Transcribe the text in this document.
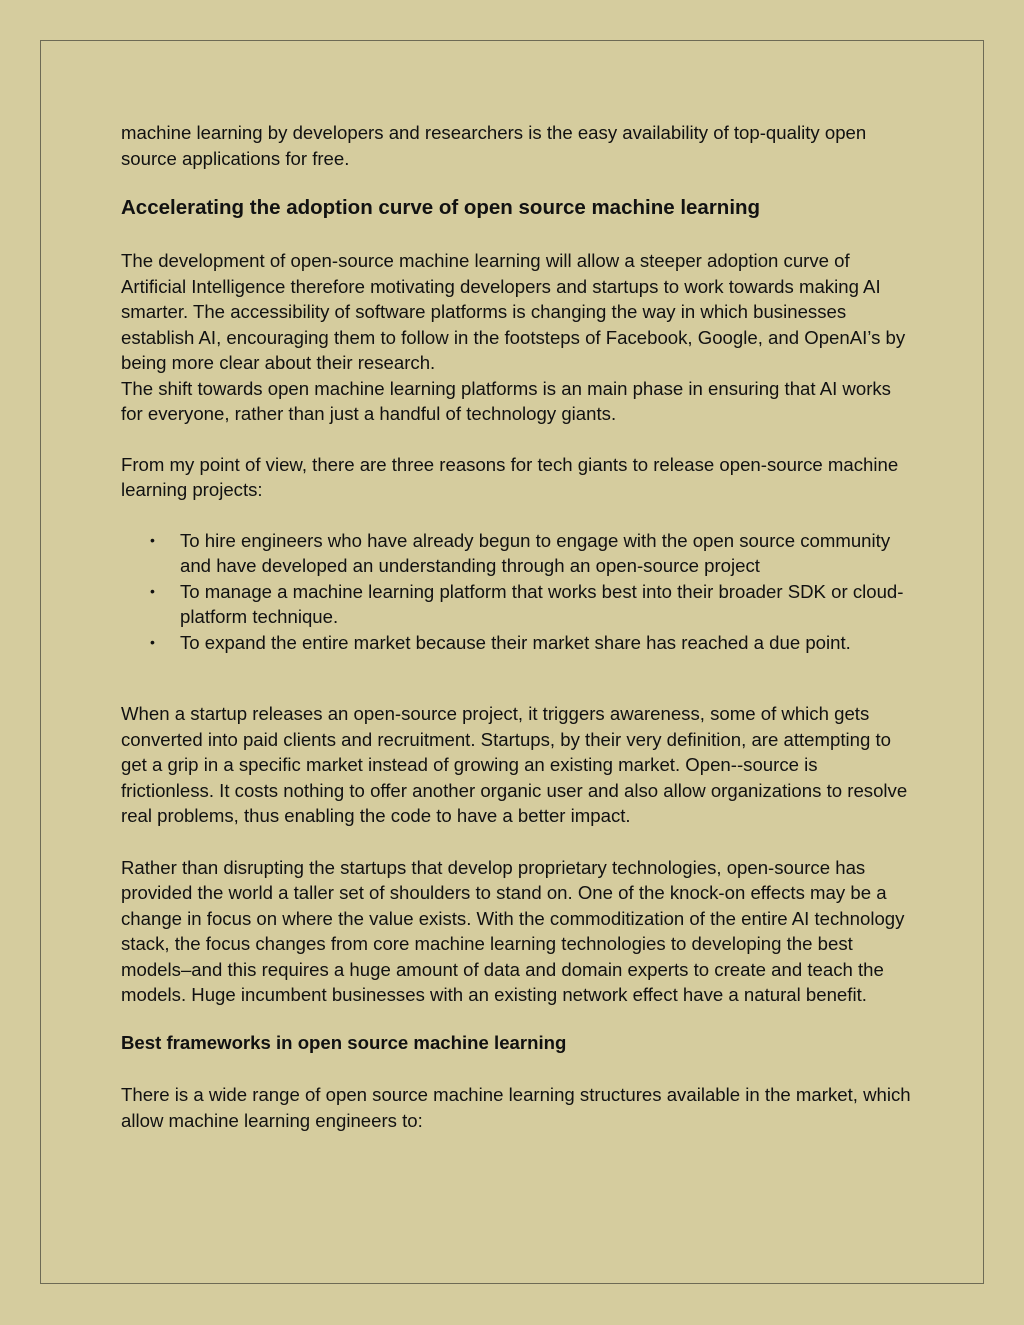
machine learning by developers and researchers is the easy availability of top-quality open source applications for free.

Accelerating the adoption curve of open source machine learning

The development of open-source machine learning will allow a steeper adoption curve of Artificial Intelligence therefore motivating developers and startups to work towards making AI smarter. The accessibility of software platforms is changing the way in which businesses establish AI, encouraging them to follow in the footsteps of Facebook, Google, and OpenAI’s by being more clear about their research.

The shift towards open machine learning platforms is an main phase in ensuring that AI works for everyone, rather than just a handful of technology giants.

From my point of view, there are three reasons for tech giants to release open-source machine learning projects:

• To hire engineers who have already begun to engage with the open source community and have developed an understanding through an open-source project
• To manage a machine learning platform that works best into their broader SDK or cloud-platform technique.
• To expand the entire market because their market share has reached a due point.

When a startup releases an open-source project, it triggers awareness, some of which gets converted into paid clients and recruitment. Startups, by their very definition, are attempting to get a grip in a specific market instead of growing an existing market. Open--source is frictionless. It costs nothing to offer another organic user and also allow organizations to resolve real problems, thus enabling the code to have a better impact.

Rather than disrupting the startups that develop proprietary technologies, open-source has provided the world a taller set of shoulders to stand on. One of the knock-on effects may be a change in focus on where the value exists. With the commoditization of the entire AI technology stack, the focus changes from core machine learning technologies to developing the best models–and this requires a huge amount of data and domain experts to create and teach the models. Huge incumbent businesses with an existing network effect have a natural benefit.

Best frameworks in open source machine learning

There is a wide range of open source machine learning structures available in the market, which allow machine learning engineers to:
